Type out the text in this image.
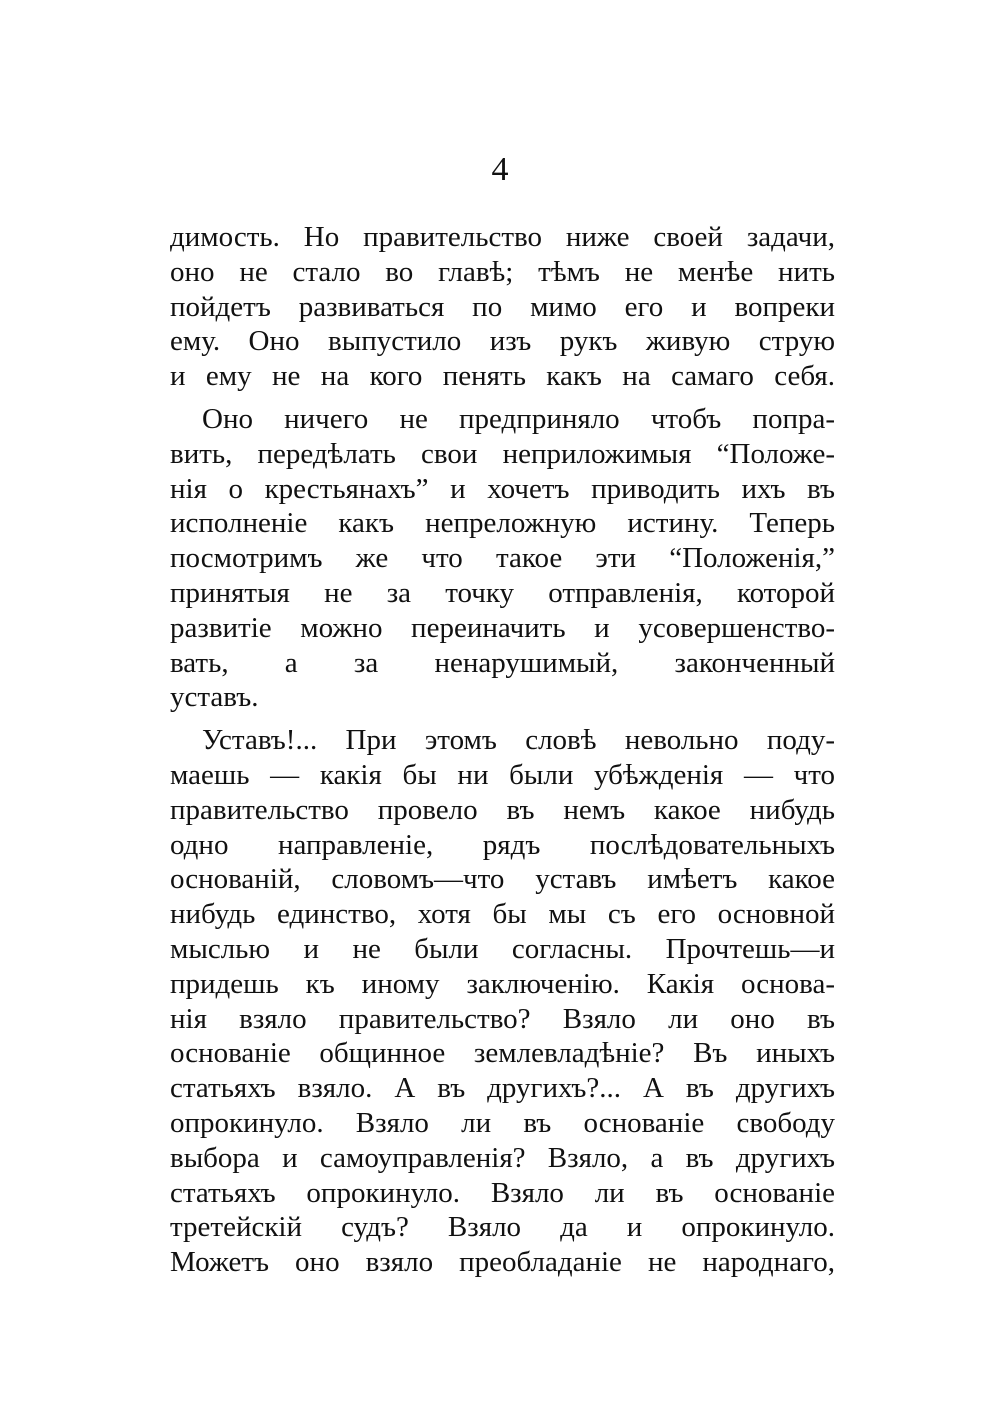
4
димость. Но правительство ниже своей задачи,
оно не стало во главѣ; тѣмъ не менѣе нить
пойдетъ развиваться по мимо его и вопреки
ему. Оно выпустило изъ рукъ живую струю
и ему не на кого пенять какъ на самаго себя.
Оно ничего не предприняло чтобъ попра-
вить, передѣлать свои неприложимыя “Положе-
нія о крестьянахъ” и хочетъ приводить ихъ въ
исполненіе какъ непреложную истину. Теперь
посмотримъ же что такое эти “Положенія,”
принятыя не за точку отправленія, которой
развитіе можно переиначить и усовершенство-
вать, а за ненарушимый, законченный
уставъ.
Уставъ!... При этомъ словѣ невольно поду-
маешь — какія бы ни были убѣжденія — что
правительство провело въ немъ какое нибудь
одно направленіе, рядъ послѣдовательныхъ
основаній, словомъ—что уставъ имѣетъ какое
нибудь единство, хотя бы мы съ его основной
мыслью и не были согласны. Прочтешь—и
придешь къ иному заключенію. Какія основа-
нія взяло правительство? Взяло ли оно въ
основаніе общинное землевладѣніе? Въ иныхъ
статьяхъ взяло. А въ другихъ?... А въ другихъ
опрокинуло. Взяло ли въ основаніе свободу
выбора и самоуправленія? Взяло, а въ другихъ
статьяхъ опрокинуло. Взяло ли въ основаніе
третейскій судъ? Взяло да и опрокинуло.
Можетъ оно взяло преобладаніе не народнаго,
